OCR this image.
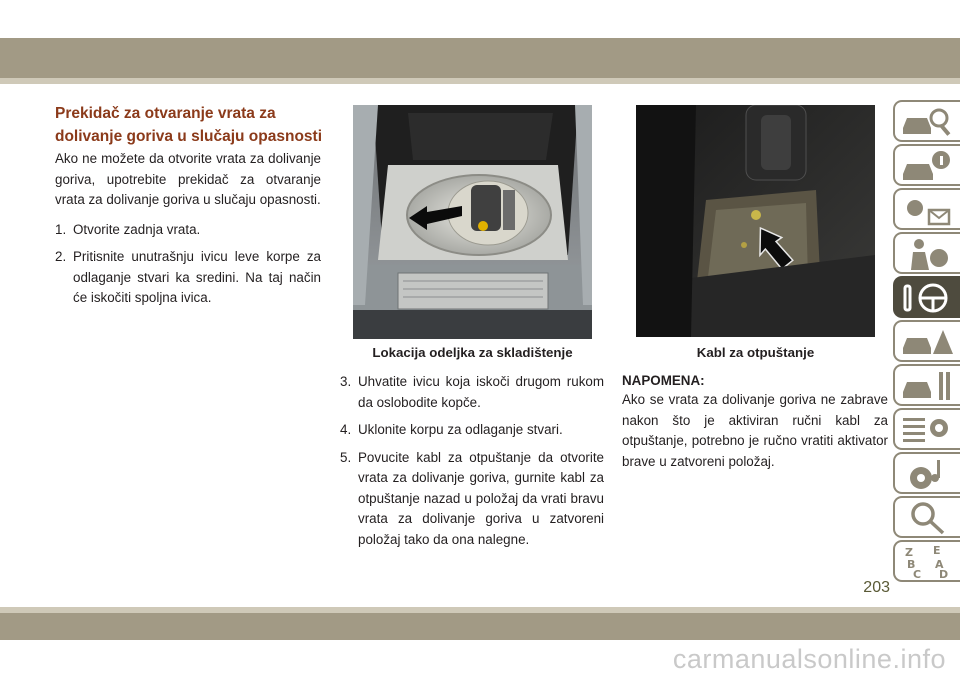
Prekidač za otvaranje vrata za
dolivanje goriva u slučaju opasnosti

Ako ne možete da otvorite vrata za dolivanje goriva, upotrebite prekidač za otvaranje vrata za dolivanje goriva u slučaju opasnosti.

1. Otvorite zadnja vrata.
2. Pritisnite unutrašnju ivicu leve korpe za odlaganje stvari ka sredini. Na taj način će iskočiti spoljna ivica.
Lokacija odeljka za skladištenje	Kabl za otpuštanje
3. Uhvatite ivicu koja iskoči drugom rukom da oslobodite kopče.
4. Uklonite korpu za odlaganje stvari.
5. Povucite kabl za otpuštanje da otvorite vrata za dolivanje goriva, gurnite kabl za otpuštanje nazad u položaj da vrati bravu vrata za dolivanje goriva u zatvoreni položaj tako da ona nalegne.
NAPOMENA:
Ako se vrata za dolivanje goriva ne zabrave nakon što je aktiviran ručni kabl za otpuštanje, potrebno je ručno vratiti aktivator brave u zatvoreni položaj.
Z E
B A
C D
203
carmanualsonline.info
